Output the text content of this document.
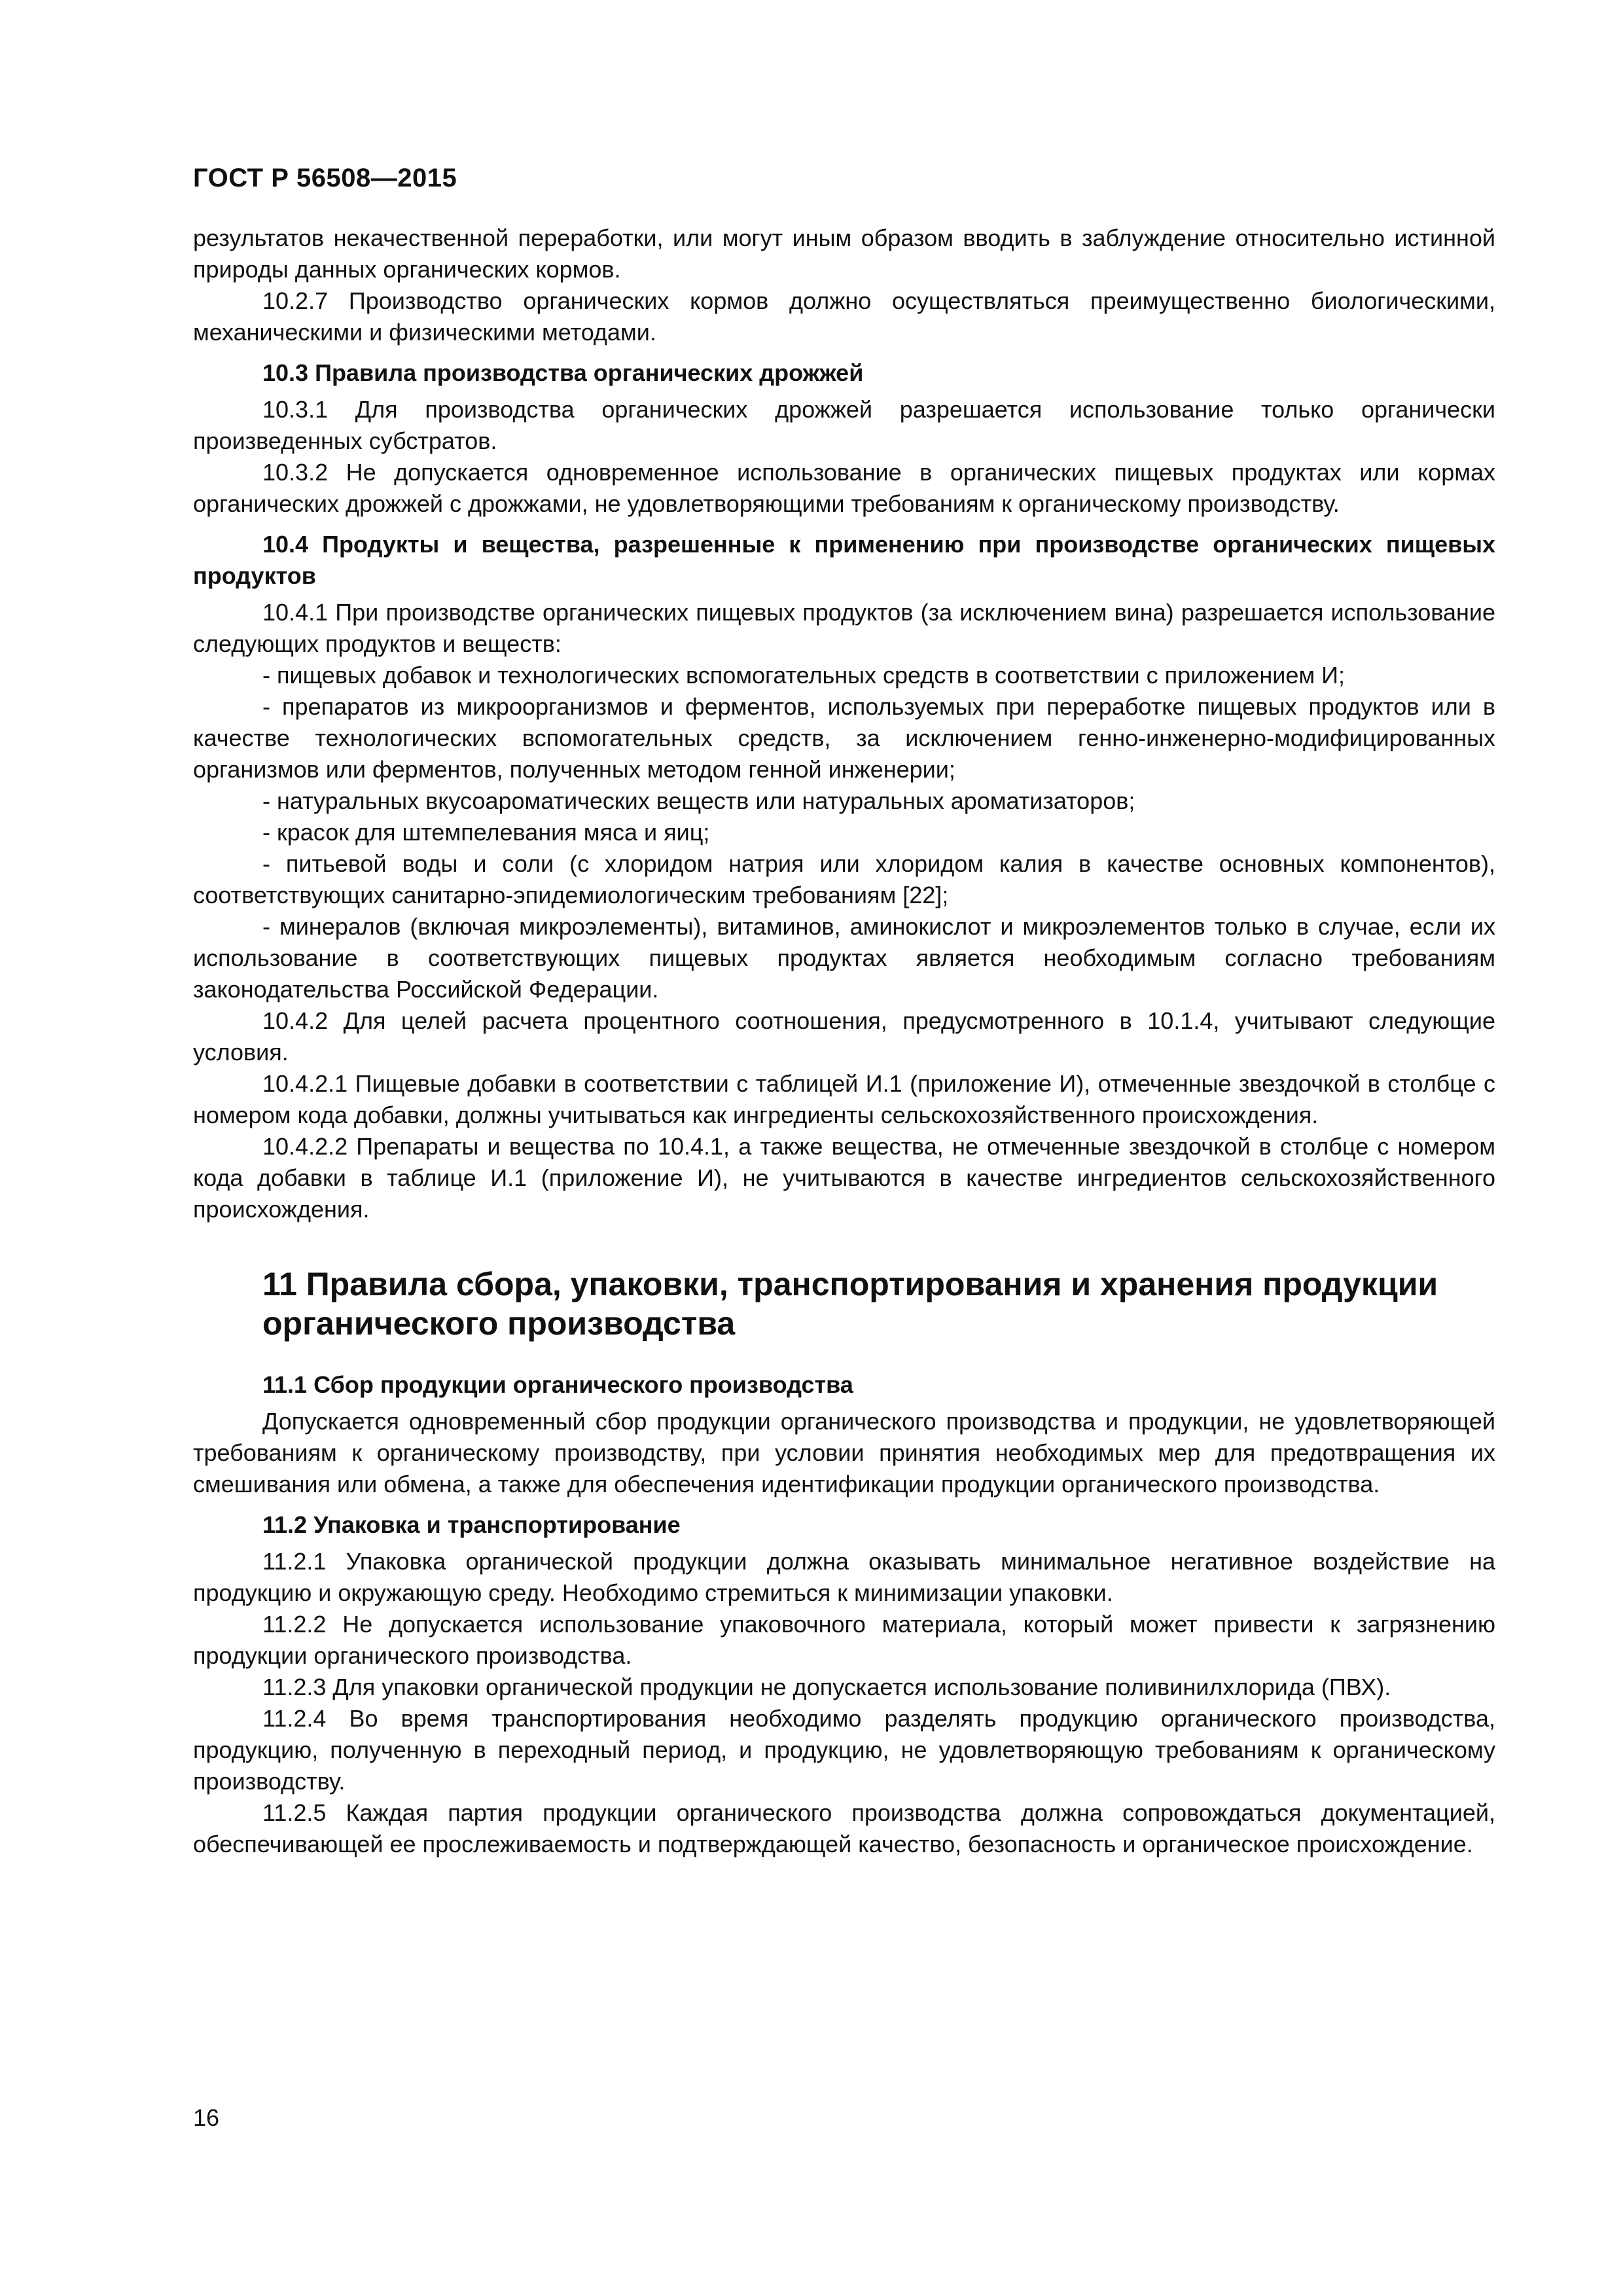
ГОСТ Р 56508—2015

результатов некачественной переработки, или могут иным образом вводить в заблуждение относительно истинной природы данных органических кормов.

10.2.7 Производство органических кормов должно осуществляться преимущественно биологическими, механическими и физическими методами.

10.3 Правила производства органических дрожжей

10.3.1 Для производства органических дрожжей разрешается использование только органически произведенных субстратов.

10.3.2 Не допускается одновременное использование в органических пищевых продуктах или кормах органических дрожжей с дрожжами, не удовлетворяющими требованиям к органическому производству.

10.4 Продукты и вещества, разрешенные к применению при производстве органических пищевых продуктов

10.4.1 При производстве органических пищевых продуктов (за исключением вина) разрешается использование следующих продуктов и веществ:

- пищевых добавок и технологических вспомогательных средств в соответствии с приложением И;

- препаратов из микроорганизмов и ферментов, используемых при переработке пищевых продуктов или в качестве технологических вспомогательных средств, за исключением генно-инженерно-модифицированных организмов или ферментов, полученных методом генной инженерии;

- натуральных вкусоароматических веществ или натуральных ароматизаторов;

- красок для штемпелевания мяса и яиц;

- питьевой воды и соли (с хлоридом натрия или хлоридом калия в качестве основных компонентов), соответствующих санитарно-эпидемиологическим требованиям [22];

- минералов (включая микроэлементы), витаминов, аминокислот и микроэлементов только в случае, если их использование в соответствующих пищевых продуктах является необходимым согласно требованиям законодательства Российской Федерации.

10.4.2 Для целей расчета процентного соотношения, предусмотренного в 10.1.4, учитывают следующие условия.

10.4.2.1 Пищевые добавки в соответствии с таблицей И.1 (приложение И), отмеченные звездочкой в столбце с номером кода добавки, должны учитываться как ингредиенты сельскохозяйственного происхождения.

10.4.2.2 Препараты и вещества по 10.4.1, а также вещества, не отмеченные звездочкой в столбце с номером кода добавки в таблице И.1 (приложение И), не учитываются в качестве ингредиентов сельскохозяйственного происхождения.

11 Правила сбора, упаковки, транспортирования и хранения продукции органического производства

11.1 Сбор продукции органического производства

Допускается одновременный сбор продукции органического производства и продукции, не удовлетворяющей требованиям к органическому производству, при условии принятия необходимых мер для предотвращения их смешивания или обмена, а также для обеспечения идентификации продукции органического производства.

11.2 Упаковка и транспортирование

11.2.1 Упаковка органической продукции должна оказывать минимальное негативное воздействие на продукцию и окружающую среду. Необходимо стремиться к минимизации упаковки.

11.2.2 Не допускается использование упаковочного материала, который может привести к загрязнению продукции органического производства.

11.2.3 Для упаковки органической продукции не допускается использование поливинилхлорида (ПВХ).

11.2.4 Во время транспортирования необходимо разделять продукцию органического производства, продукцию, полученную в переходный период, и продукцию, не удовлетворяющую требованиям к органическому производству.

11.2.5 Каждая партия продукции органического производства должна сопровождаться документацией, обеспечивающей ее прослеживаемость и подтверждающей качество, безопасность и органическое происхождение.

16
